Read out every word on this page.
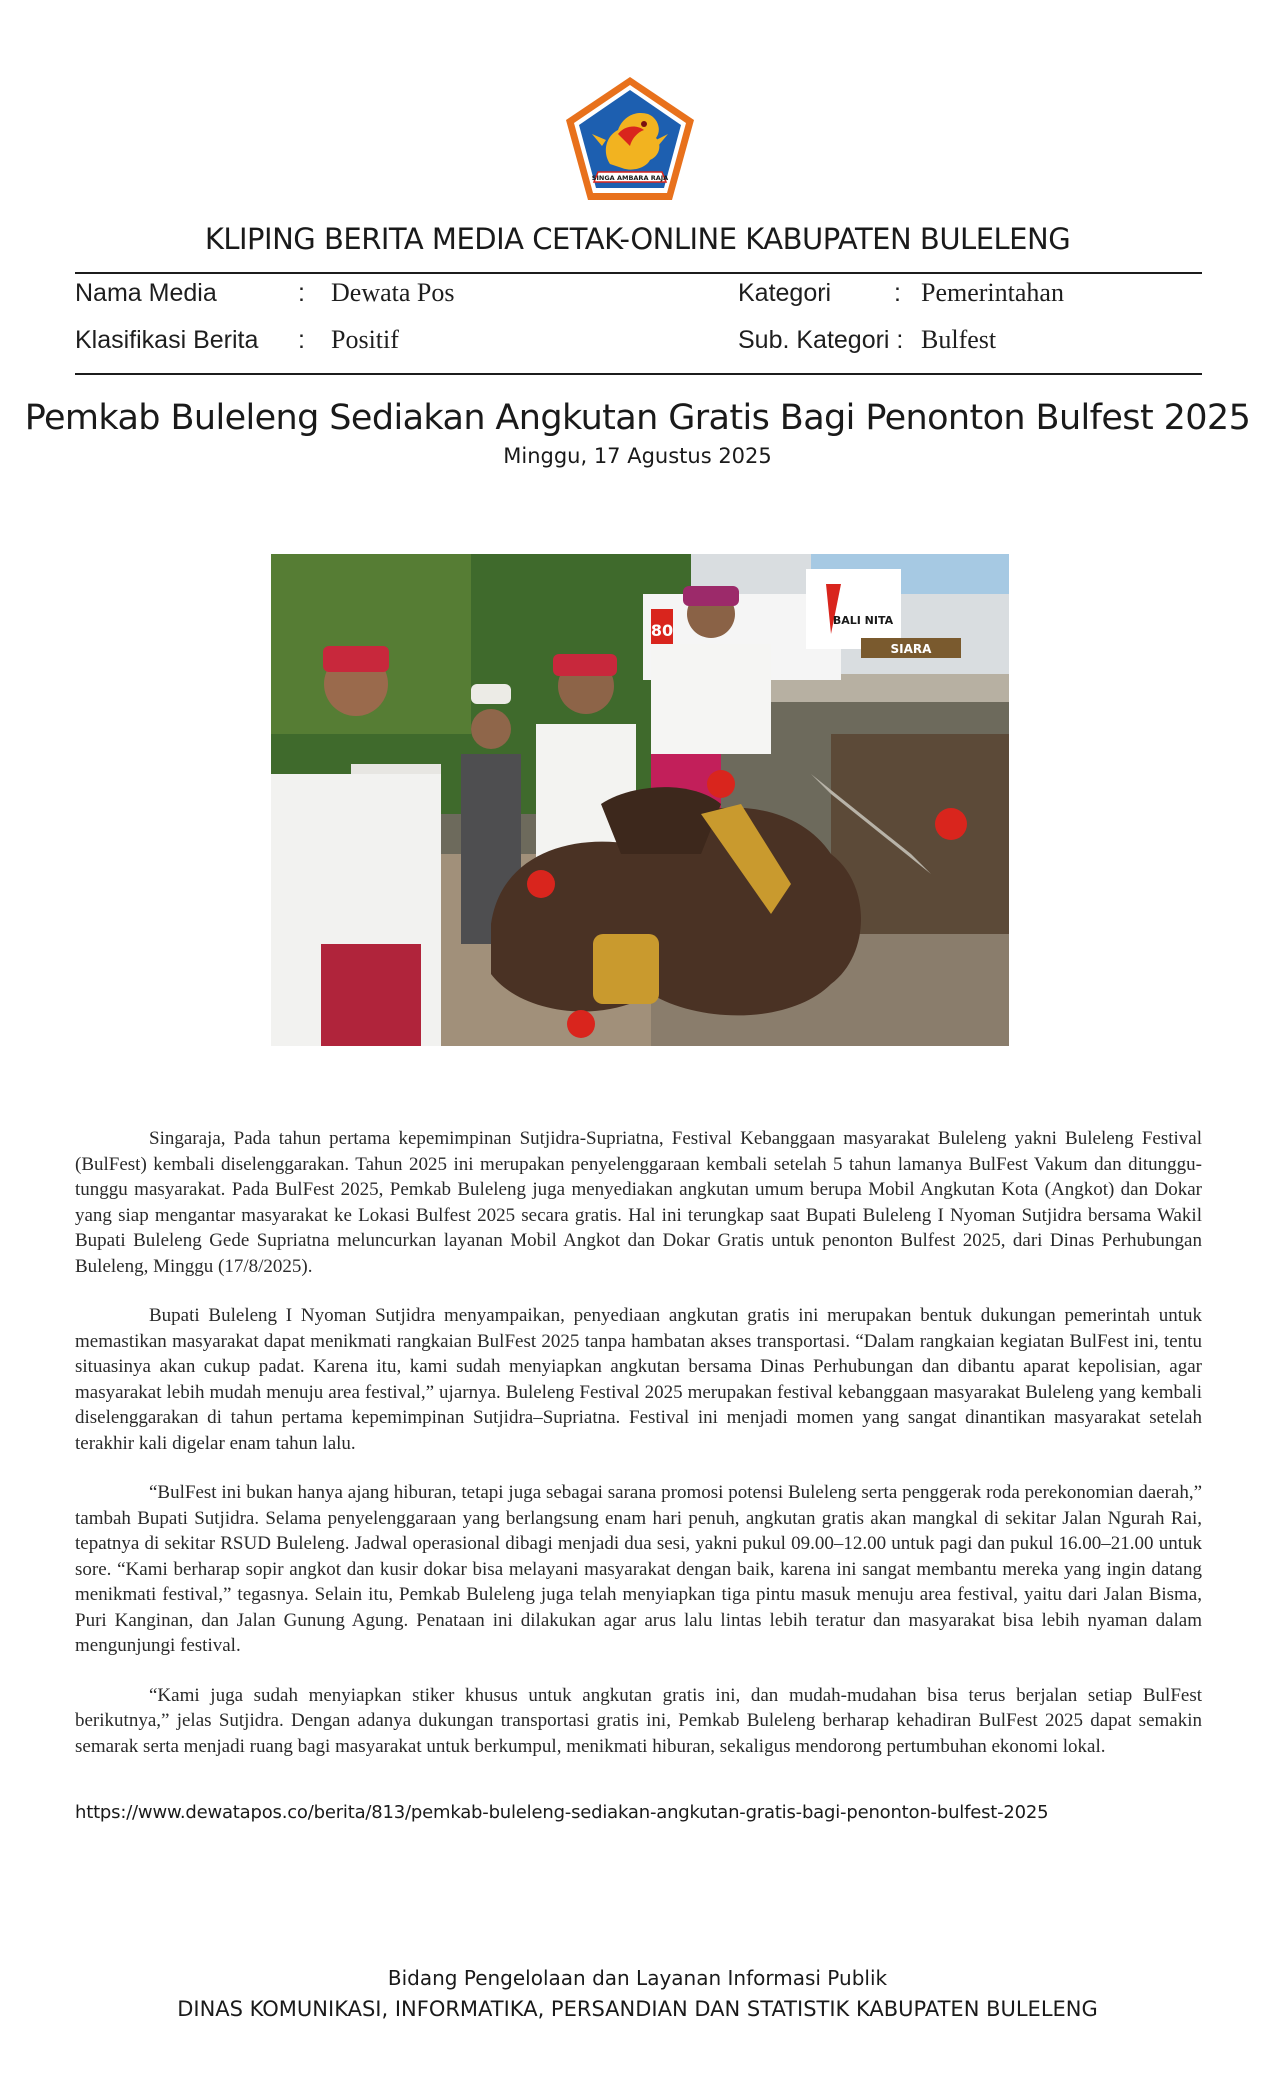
SINGA AMBARA RAJA
KLIPING BERITA MEDIA CETAK-ONLINE KABUPATEN BULELENG
Nama Media	: Dewata Pos	Kategori	: Pemerintahan
Klasifikasi Berita : Positif	Sub. Kategori : Bulfest
Pemkab Buleleng Sediakan Angkutan Gratis Bagi Penonton Bulfest 2025
Minggu, 17 Agustus 2025
80
BALI NITA
SIARA

Singaraja, Pada tahun pertama kepemimpinan Sutjidra-Supriatna, Festival Kebanggaan masyarakat Buleleng yakni Buleleng Festival (BulFest) kembali diselenggarakan. Tahun 2025 ini merupakan penyelenggaraan kembali setelah 5 tahun lamanya BulFest Vakum dan ditunggu-tunggu masyarakat. Pada BulFest 2025, Pemkab Buleleng juga menyediakan angkutan umum berupa Mobil Angkutan Kota (Angkot) dan Dokar yang siap mengantar masyarakat ke Lokasi Bulfest 2025 secara gratis. Hal ini terungkap saat Bupati Buleleng I Nyoman Sutjidra bersama Wakil Bupati Buleleng Gede Supriatna meluncurkan layanan Mobil Angkot dan Dokar Gratis untuk penonton Bulfest 2025, dari Dinas Perhubungan Buleleng, Minggu (17/8/2025).

Bupati Buleleng I Nyoman Sutjidra menyampaikan, penyediaan angkutan gratis ini merupakan bentuk dukungan pemerintah untuk memastikan masyarakat dapat menikmati rangkaian BulFest 2025 tanpa hambatan akses transportasi. “Dalam rangkaian kegiatan BulFest ini, tentu situasinya akan cukup padat. Karena itu, kami sudah menyiapkan angkutan bersama Dinas Perhubungan dan dibantu aparat kepolisian, agar masyarakat lebih mudah menuju area festival,” ujarnya. Buleleng Festival 2025 merupakan festival kebanggaan masyarakat Buleleng yang kembali diselenggarakan di tahun pertama kepemimpinan Sutjidra–Supriatna. Festival ini menjadi momen yang sangat dinantikan masyarakat setelah terakhir kali digelar enam tahun lalu.

“BulFest ini bukan hanya ajang hiburan, tetapi juga sebagai sarana promosi potensi Buleleng serta penggerak roda perekonomian daerah,” tambah Bupati Sutjidra. Selama penyelenggaraan yang berlangsung enam hari penuh, angkutan gratis akan mangkal di sekitar Jalan Ngurah Rai, tepatnya di sekitar RSUD Buleleng. Jadwal operasional dibagi menjadi dua sesi, yakni pukul 09.00–12.00 untuk pagi dan pukul 16.00–21.00 untuk sore. “Kami berharap sopir angkot dan kusir dokar bisa melayani masyarakat dengan baik, karena ini sangat membantu mereka yang ingin datang menikmati festival,” tegasnya. Selain itu, Pemkab Buleleng juga telah menyiapkan tiga pintu masuk menuju area festival, yaitu dari Jalan Bisma, Puri Kanginan, dan Jalan Gunung Agung. Penataan ini dilakukan agar arus lalu lintas lebih teratur dan masyarakat bisa lebih nyaman dalam mengunjungi festival.

“Kami juga sudah menyiapkan stiker khusus untuk angkutan gratis ini, dan mudah-mudahan bisa terus berjalan setiap BulFest berikutnya,” jelas Sutjidra. Dengan adanya dukungan transportasi gratis ini, Pemkab Buleleng berharap kehadiran BulFest 2025 dapat semakin semarak serta menjadi ruang bagi masyarakat untuk berkumpul, menikmati hiburan, sekaligus mendorong pertumbuhan ekonomi lokal.

https://www.dewatapos.co/berita/813/pemkab-buleleng-sediakan-angkutan-gratis-bagi-penonton-bulfest-2025
Bidang Pengelolaan dan Layanan Informasi Publik
DINAS KOMUNIKASI, INFORMATIKA, PERSANDIAN DAN STATISTIK KABUPATEN BULELENG
